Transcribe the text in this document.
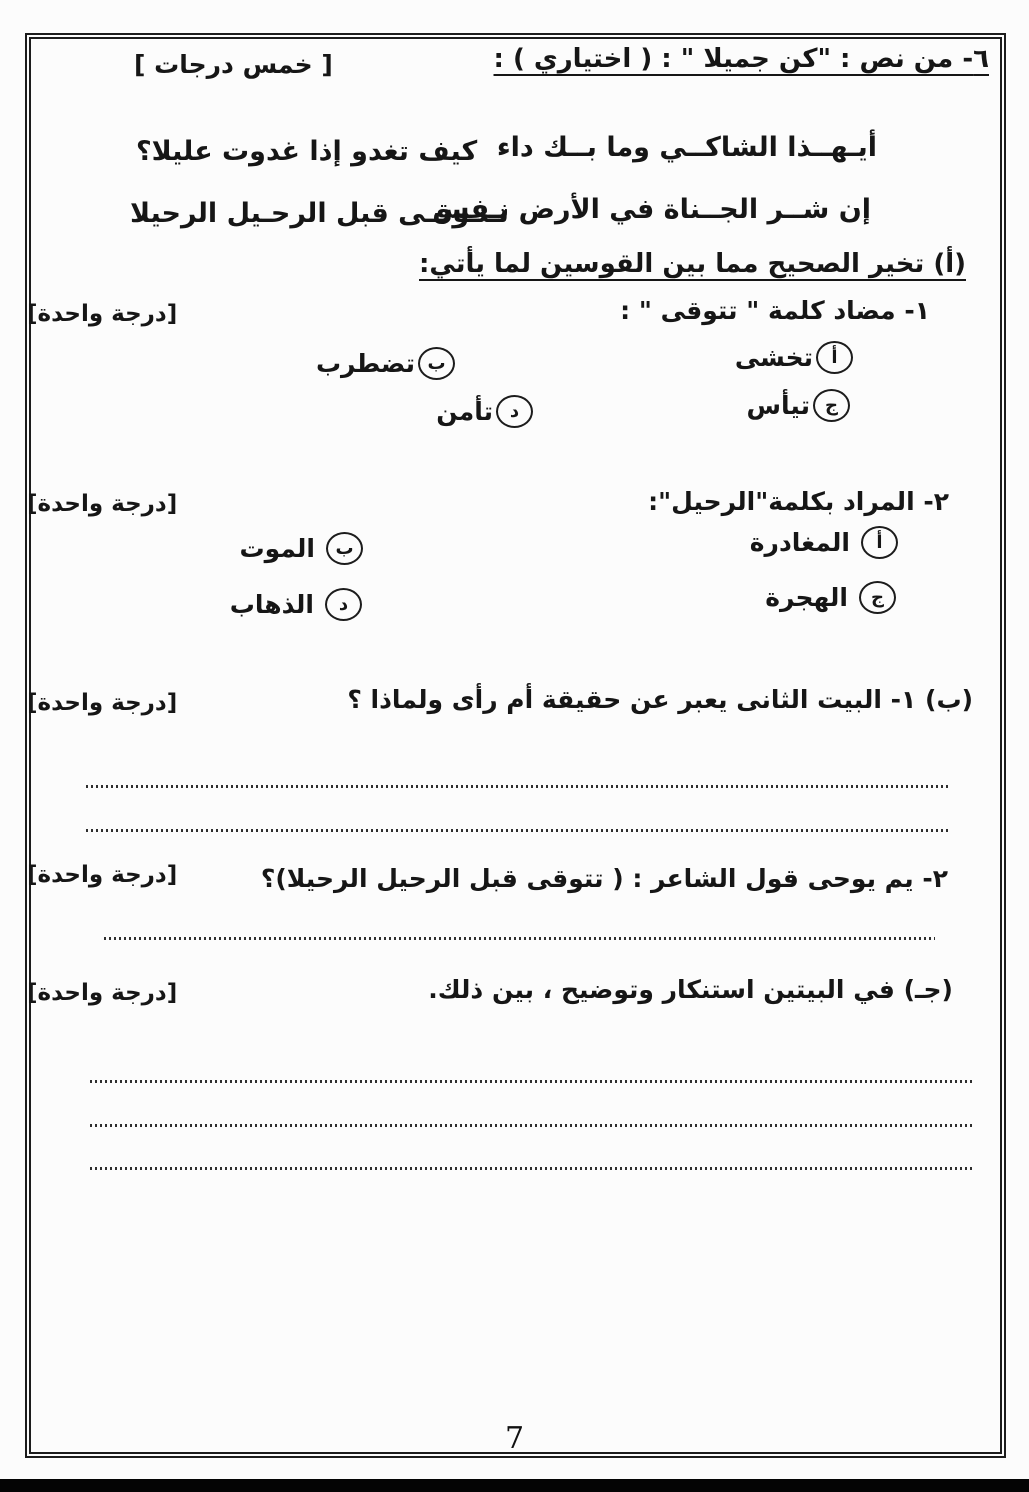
٦- من نص : "كن جميلا " : ( اختياري ) :
[ خمس درجات ]
أيـهــذا الشاكــي وما بــك داء
كيف تغدو إذا غدوت عليلا؟
إن شــر الجــناة في الأرض نـفس
تـتـوقـى قبل الرحـيل الرحيلا
(أ) تخير الصحيح مما بين القوسين لما يأتي:
١- مضاد كلمة " تتوقى " :
[درجة واحدة]
أ
تخشى
ب
تضطرب
ج
تيأس
د
تأمن
٢- المراد بكلمة"الرحيل":
[درجة واحدة]
أ
المغادرة
ب
الموت
ج
الهجرة
د
الذهاب
(ب) ١- البيت الثانى يعبر عن حقيقة أم رأى ولماذا ؟
[درجة واحدة]
٢- يم يوحى قول الشاعر : ( تتوقى قبل الرحيل الرحيلا)؟
[درجة واحدة]
(جـ) في البيتين استنكار وتوضيح ، بين ذلك.
[درجة واحدة]
7
